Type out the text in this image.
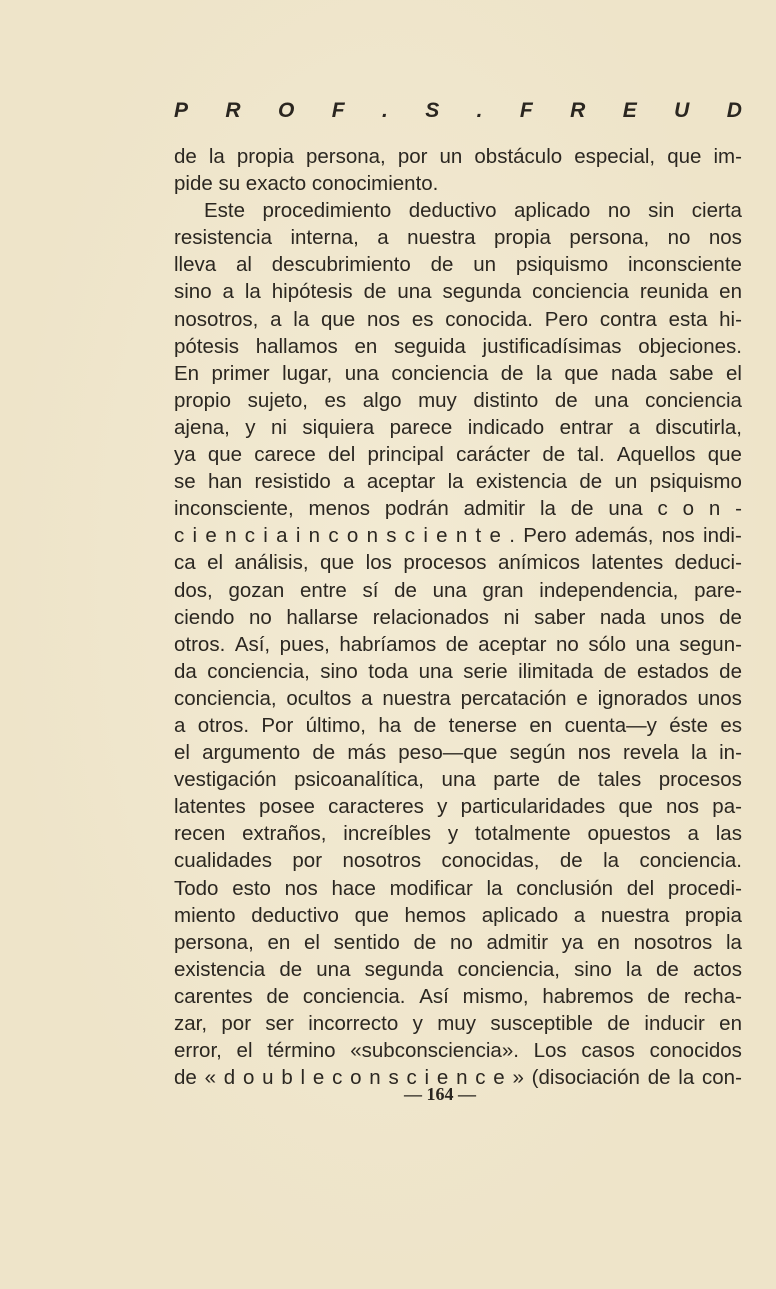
P R O F . S . F R E U D
de la propia persona, por un obstáculo especial, que im-
pide su exacto conocimiento.
Este procedimiento deductivo aplicado no sin cierta
resistencia interna, a nuestra propia persona, no nos
lleva al descubrimiento de un psiquismo inconsciente
sino a la hipótesis de una segunda conciencia reunida en
nosotros, a la que nos es conocida. Pero contra esta hi-
pótesis hallamos en seguida justificadísimas objeciones.
En primer lugar, una conciencia de la que nada sabe el
propio sujeto, es algo muy distinto de una conciencia
ajena, y ni siquiera parece indicado entrar a discutirla,
ya que carece del principal carácter de tal. Aquellos que
se han resistido a aceptar la existencia de un psiquismo
inconsciente, menos podrán admitir la de una c o n -
c i e n c i a i n c o n s c i e n t e . Pero además, nos indi-
ca el análisis, que los procesos anímicos latentes deduci-
dos, gozan entre sí de una gran independencia, pare-
ciendo no hallarse relacionados ni saber nada unos de
otros. Así, pues, habríamos de aceptar no sólo una segun-
da conciencia, sino toda una serie ilimitada de estados de
conciencia, ocultos a nuestra percatación e ignorados unos
a otros. Por último, ha de tenerse en cuenta—y éste es
el argumento de más peso—que según nos revela la in-
vestigación psicoanalítica, una parte de tales procesos
latentes posee caracteres y particularidades que nos pa-
recen extraños, increíbles y totalmente opuestos a las
cualidades por nosotros conocidas, de la conciencia.
Todo esto nos hace modificar la conclusión del procedi-
miento deductivo que hemos aplicado a nuestra propia
persona, en el sentido de no admitir ya en nosotros la
existencia de una segunda conciencia, sino la de actos
carentes de conciencia. Así mismo, habremos de recha-
zar, por ser incorrecto y muy susceptible de inducir en
error, el término «subconsciencia». Los casos conocidos
de « d o u b l e c o n s c i e n c e » (disociación de la con-
— 164 —
